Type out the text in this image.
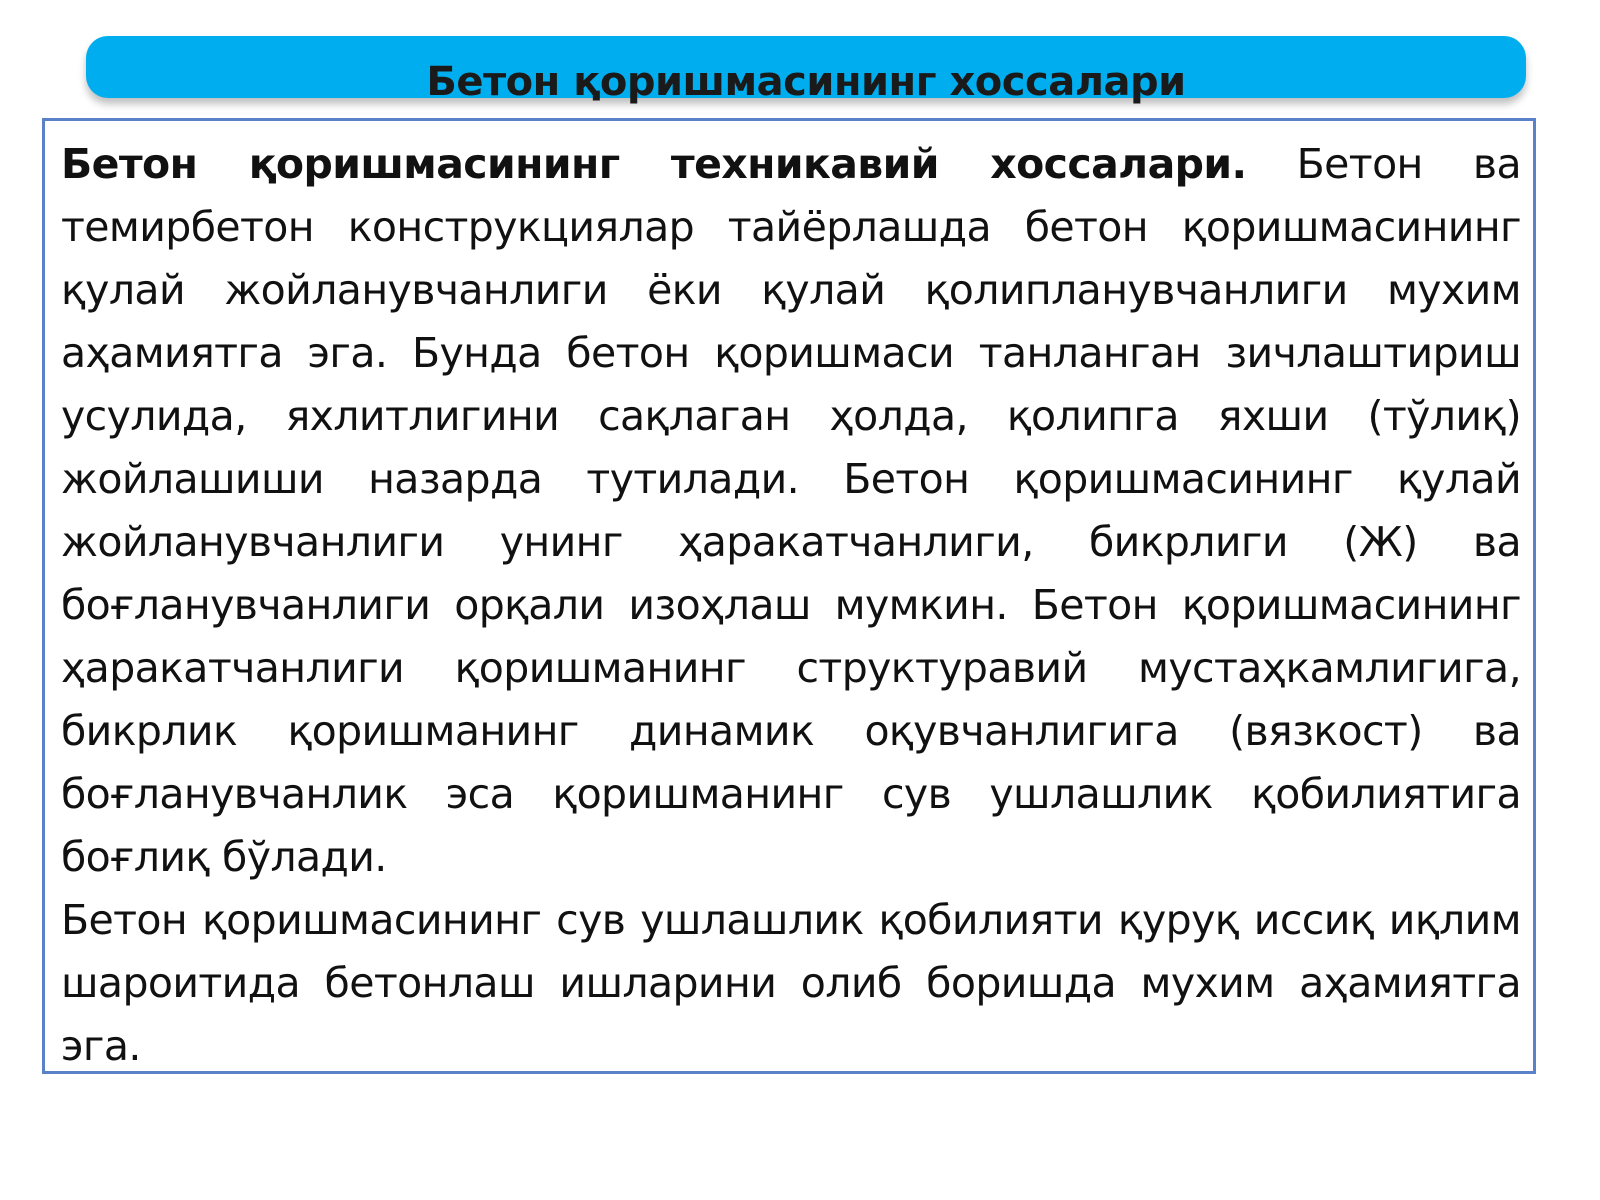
Бетон қоришмасининг хоссалари

Бетон қоришмасининг техникавий хоссалари. Бетон ва темирбетон конструкциялар тайёрлашда бетон қоришмасининг қулай жойланувчанлиги ёки қулай қолипланувчанлиги мухим аҳамиятга эга. Бунда бетон қоришмаси танланган зичлаштириш усулида, яхлитлигини сақлаган ҳолда, қолипга яхши (тўлиқ) жойлашиши назарда тутилади. Бетон қоришмасининг қулай жойланувчанлиги унинг ҳаракатчанлиги, бикрлиги (Ж) ва боғланувчанлиги орқали изоҳлаш мумкин. Бетон қоришмасининг ҳаракатчанлиги қоришманинг структуравий мустаҳкамлигига, бикрлик қоришманинг динамик оқувчанлигига (вязкост) ва боғланувчанлик эса қоришманинг сув ушлашлик қобилиятига боғлиқ бўлади.

Бетон қоришмасининг сув ушлашлик қобилияти қуруқ иссиқ иқлим шароитида бетонлаш ишларини олиб боришда мухим аҳамиятга эга.
